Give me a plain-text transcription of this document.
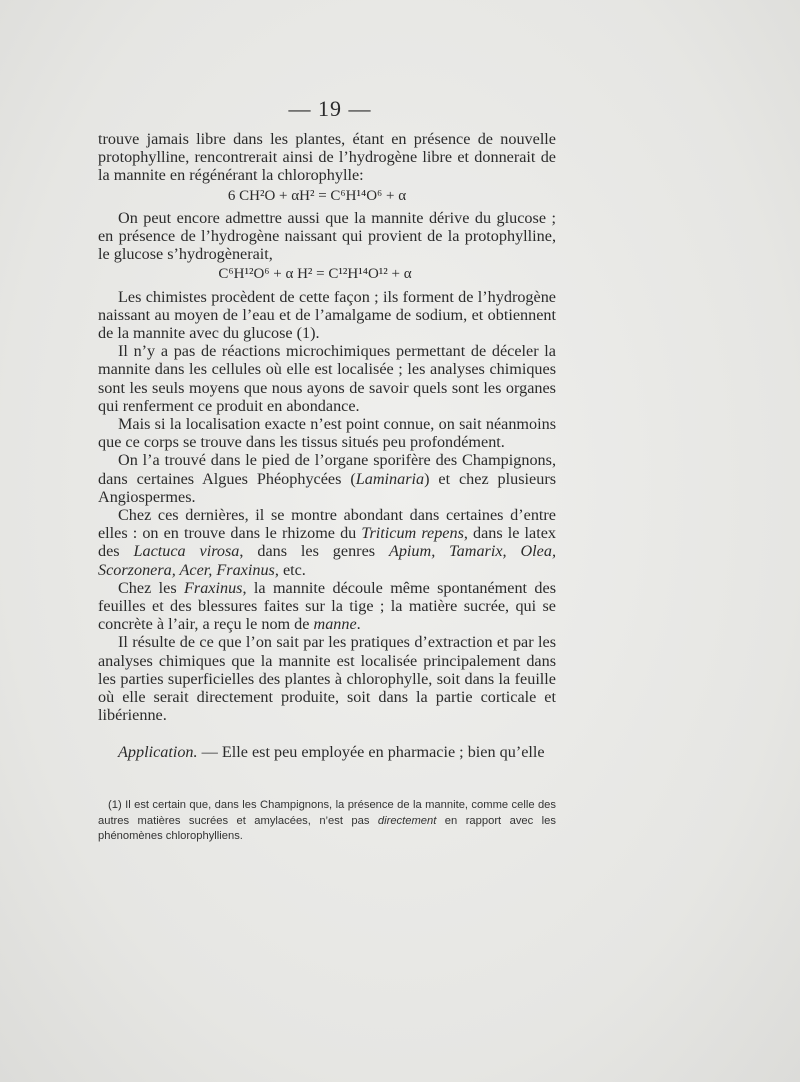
— 19 —

trouve jamais libre dans les plantes, étant en présence de nouvelle protophylline, rencontrerait ainsi de l’hydrogène libre et donnerait de la mannite en régénérant la chlorophylle:

6 CH²O + αH² = C⁶H¹⁴O⁶ + α

On peut encore admettre aussi que la mannite dérive du glucose ; en présence de l’hydrogène naissant qui provient de la protophylline, le glucose s’hydrogènerait,

C⁶H¹²O⁶ + α H² = C¹²H¹⁴O¹² + α

Les chimistes procèdent de cette façon ; ils forment de l’hydrogène naissant au moyen de l’eau et de l’amalgame de sodium, et obtiennent de la mannite avec du glucose (1).

Il n’y a pas de réactions microchimiques permettant de déceler la mannite dans les cellules où elle est localisée ; les analyses chimiques sont les seuls moyens que nous ayons de savoir quels sont les organes qui renferment ce produit en abondance.

Mais si la localisation exacte n’est point connue, on sait néanmoins que ce corps se trouve dans les tissus situés peu profondément.

On l’a trouvé dans le pied de l’organe sporifère des Champignons, dans certaines Algues Phéophycées (Laminaria) et chez plusieurs Angiospermes.

Chez ces dernières, il se montre abondant dans certaines d’entre elles : on en trouve dans le rhizome du Triticum repens, dans le latex des Lactuca virosa, dans les genres Apium, Tamarix, Olea, Scorzonera, Acer, Fraxinus, etc.

Chez les Fraxinus, la mannite découle même spontanément des feuilles et des blessures faites sur la tige ; la matière sucrée, qui se concrète à l’air, a reçu le nom de manne.

Il résulte de ce que l’on sait par les pratiques d’extraction et par les analyses chimiques que la mannite est localisée principalement dans les parties superficielles des plantes à chlorophylle, soit dans la feuille où elle serait directement produite, soit dans la partie corticale et libérienne.

Application. — Elle est peu employée en pharmacie ; bien qu’elle

(1) Il est certain que, dans les Champignons, la présence de la mannite, comme celle des autres matières sucrées et amylacées, n’est pas directement en rapport avec les phénomènes chlorophylliens.
